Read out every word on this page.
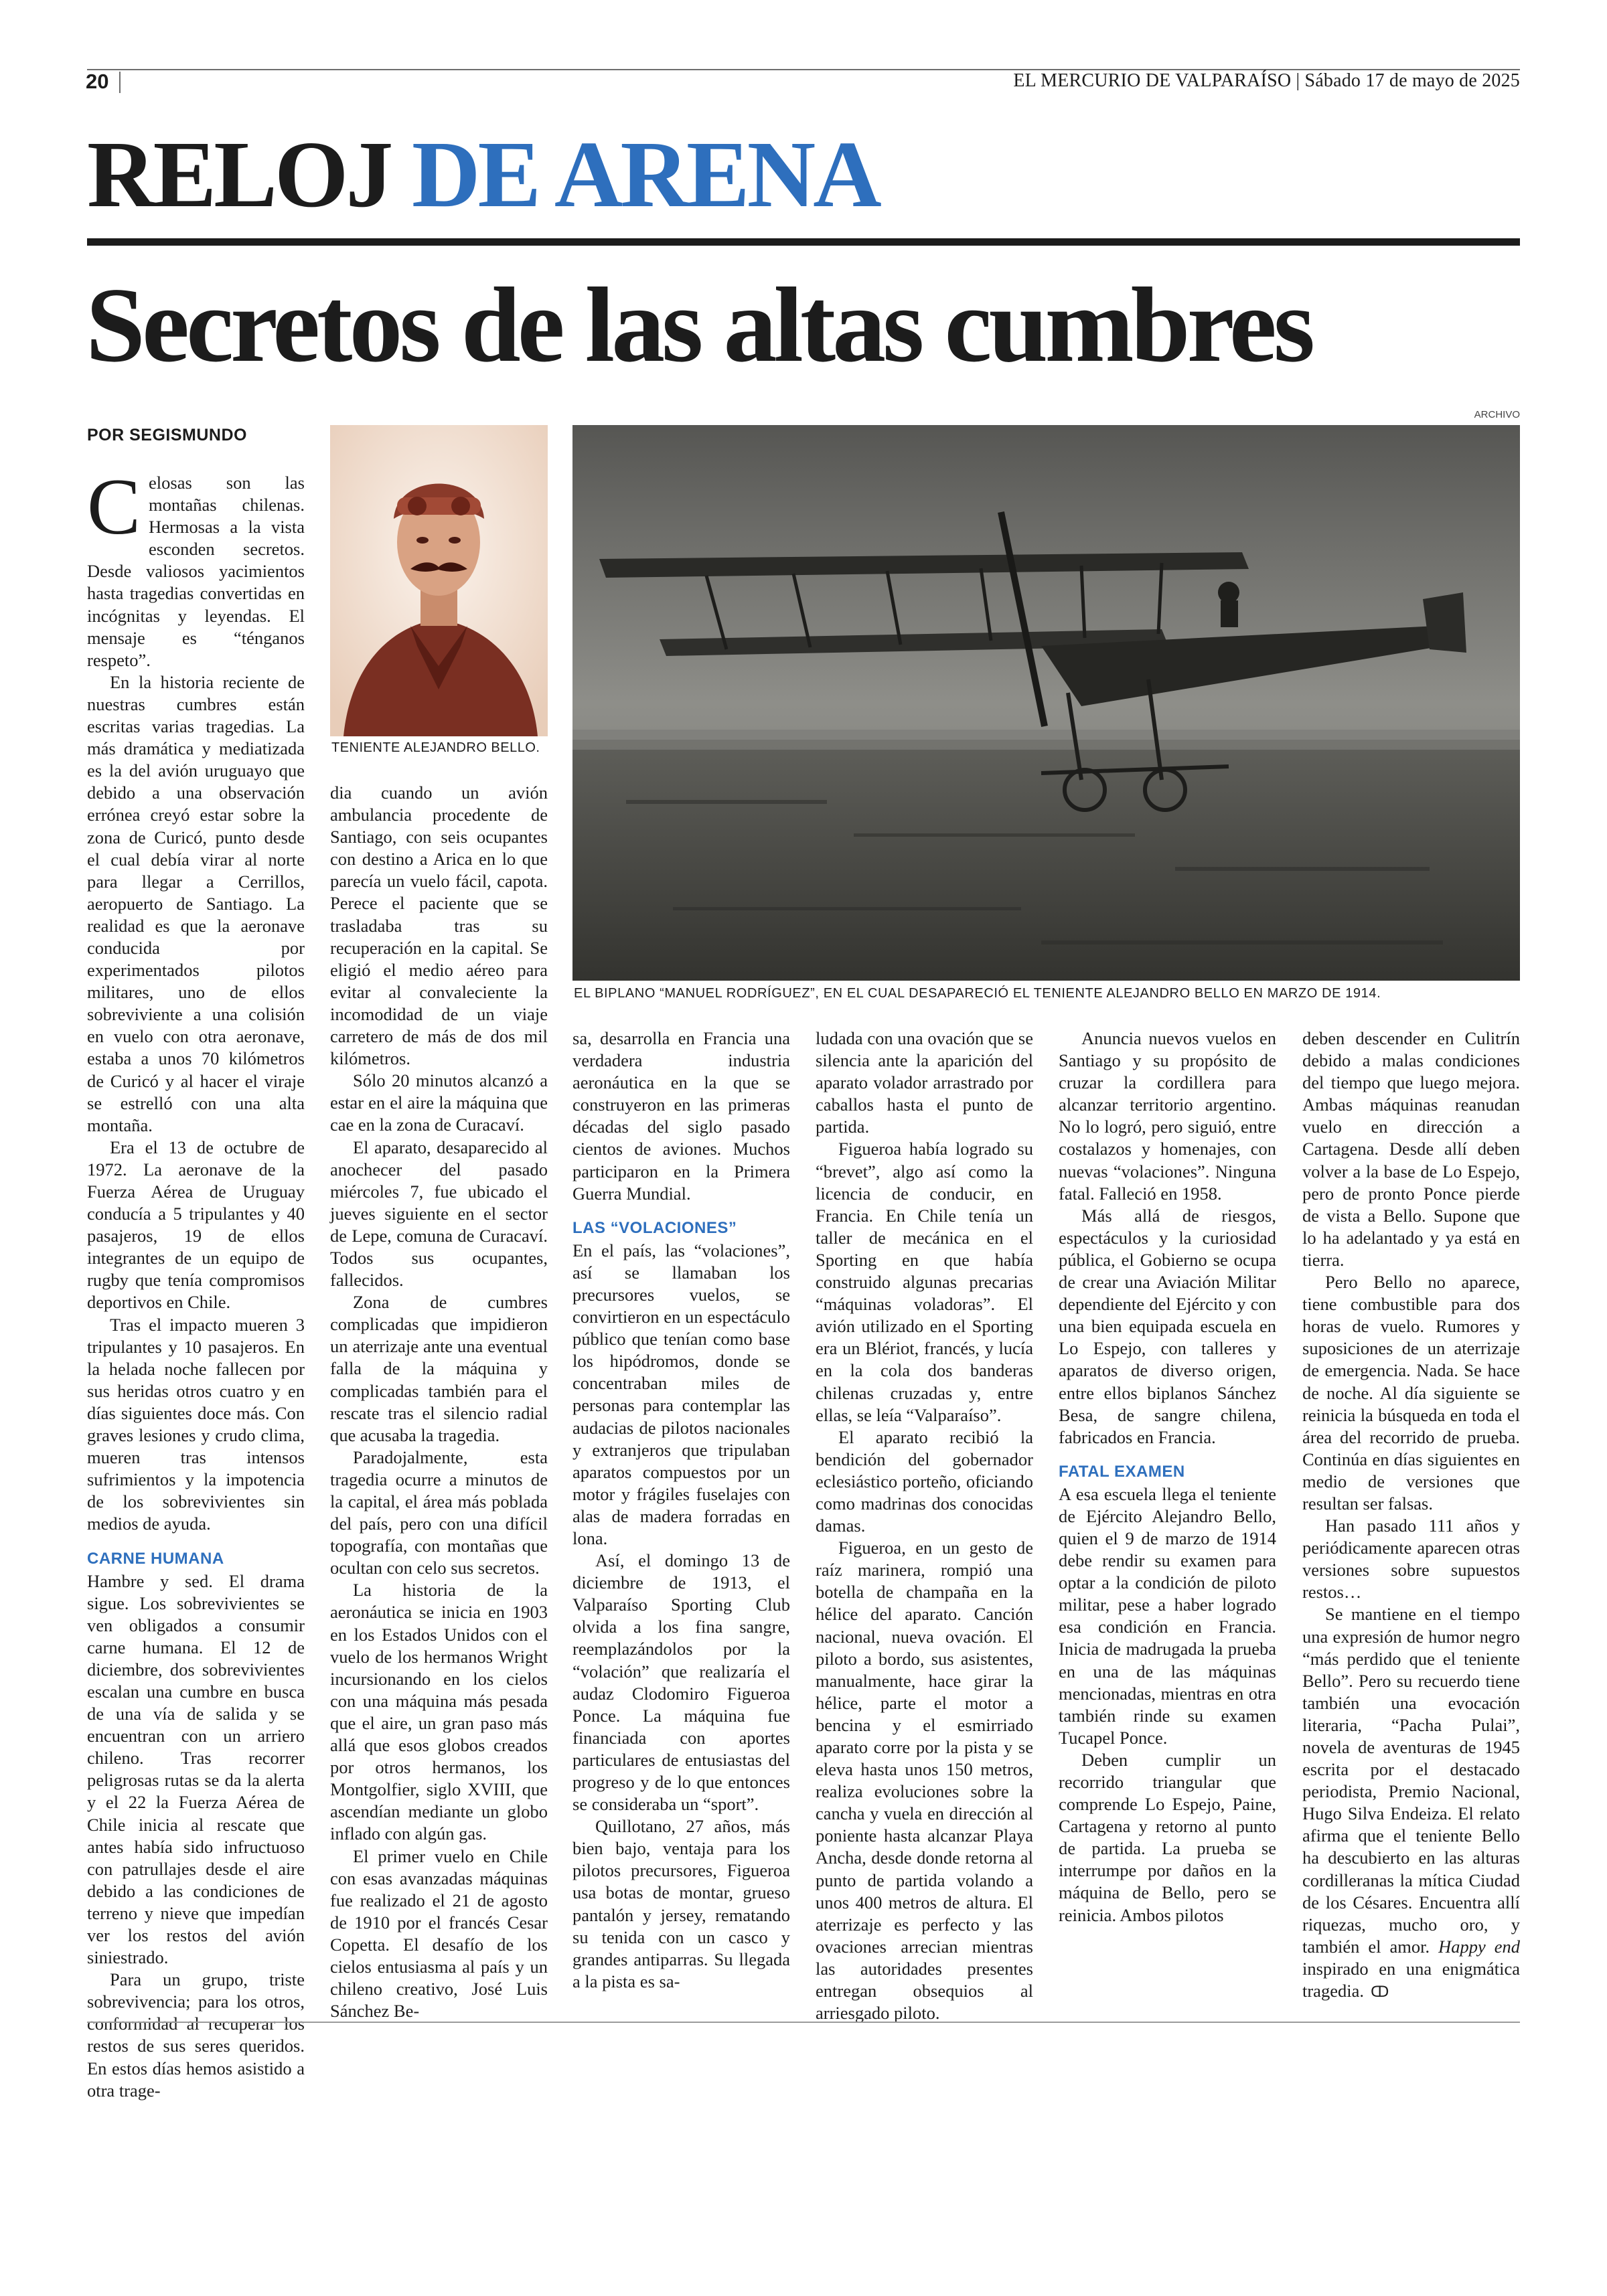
20	EL MERCURIO DE VALPARAÍSO | Sábado 17 de mayo de 2025
RELOJ DE ARENA
Secretos de las altas cumbres
ARCHIVO
POR SEGISMUNDO
TENIENTE ALEJANDRO BELLO.
EL BIPLANO “MANUEL RODRÍGUEZ”, EN EL CUAL DESAPARECIÓ EL TENIENTE ALEJANDRO BELLO EN MARZO DE 1914.

Celosas son las montañas chilenas. Hermosas a la vista esconden secretos. Desde valiosos yacimientos hasta tragedias convertidas en incógnitas y leyendas. El mensaje es “ténganos respeto”.

En la historia reciente de nuestras cumbres están escritas varias tragedias. La más dramática y mediatizada es la del avión uruguayo que debido a una observación errónea creyó estar sobre la zona de Curicó, punto desde el cual debía virar al norte para llegar a Cerrillos, aeropuerto de Santiago. La realidad es que la aeronave conducida por experimentados pilotos militares, uno de ellos sobreviviente a una colisión en vuelo con otra aeronave, estaba a unos 70 kilómetros de Curicó y al hacer el viraje se estrelló con una alta montaña.

Era el 13 de octubre de 1972. La aeronave de la Fuerza Aérea de Uruguay conducía a 5 tripulantes y 40 pasajeros, 19 de ellos integrantes de un equipo de rugby que tenía compromisos deportivos en Chile.

Tras el impacto mueren 3 tripulantes y 10 pasajeros. En la helada noche fallecen por sus heridas otros cuatro y en días siguientes doce más. Con graves lesiones y crudo clima, mueren tras intensos sufrimientos y la impotencia de los sobrevivientes sin medios de ayuda.

CARNE HUMANA

Hambre y sed. El drama sigue. Los sobrevivientes se ven obligados a consumir carne humana. El 12 de diciembre, dos sobrevivientes escalan una cumbre en busca de una vía de salida y se encuentran con un arriero chileno. Tras recorrer peligrosas rutas se da la alerta y el 22 la Fuerza Aérea de Chile inicia al rescate que antes había sido infructuoso con patrullajes desde el aire debido a las condiciones de terreno y nieve que impedían ver los restos del avión siniestrado.

Para un grupo, triste sobrevivencia; para los otros, conformidad al recuperar los restos de sus seres queridos. En estos días hemos asistido a otra trage-

dia cuando un avión ambulancia procedente de Santiago, con seis ocupantes con destino a Arica en lo que parecía un vuelo fácil, capota. Perece el paciente que se trasladaba tras su recuperación en la capital. Se eligió el medio aéreo para evitar al convaleciente la incomodidad de un viaje carretero de más de dos mil kilómetros.

Sólo 20 minutos alcanzó a estar en el aire la máquina que cae en la zona de Curacaví.

El aparato, desaparecido al anochecer del pasado miércoles 7, fue ubicado el jueves siguiente en el sector de Lepe, comuna de Curacaví. Todos sus ocupantes, fallecidos.

Zona de cumbres complicadas que impidieron un aterrizaje ante una eventual falla de la máquina y complicadas también para el rescate tras el silencio radial que acusaba la tragedia.

Paradojalmente, esta tragedia ocurre a minutos de la capital, el área más poblada del país, pero con una difícil topografía, con montañas que ocultan con celo sus secretos.

La historia de la aeronáutica se inicia en 1903 en los Estados Unidos con el vuelo de los hermanos Wright incursionando en los cielos con una máquina más pesada que el aire, un gran paso más allá que esos globos creados por otros hermanos, los Montgolfier, siglo XVIII, que ascendían mediante un globo inflado con algún gas.

El primer vuelo en Chile con esas avanzadas máquinas fue realizado el 21 de agosto de 1910 por el francés Cesar Copetta. El desafío de los cielos entusiasma al país y un chileno creativo, José Luis Sánchez Be-

sa, desarrolla en Francia una verdadera industria aeronáutica en la que se construyeron en las primeras décadas del siglo pasado cientos de aviones. Muchos participaron en la Primera Guerra Mundial.

LAS “VOLACIONES”

En el país, las “volaciones”, así se llamaban los precursores vuelos, se convirtieron en un espectáculo público que tenían como base los hipódromos, donde se concentraban miles de personas para contemplar las audacias de pilotos nacionales y extranjeros que tripulaban aparatos compuestos por un motor y frágiles fuselajes con alas de madera forradas en lona.

Así, el domingo 13 de diciembre de 1913, el Valparaíso Sporting Club olvida a los fina sangre, reemplazándolos por la “volación” que realizaría el audaz Clodomiro Figueroa Ponce. La máquina fue financiada con aportes particulares de entusiastas del progreso y de lo que entonces se consideraba un “sport”.

Quillotano, 27 años, más bien bajo, ventaja para los pilotos precursores, Figueroa usa botas de montar, grueso pantalón y jersey, rematando su tenida con un casco y grandes antiparras. Su llegada a la pista es sa-

ludada con una ovación que se silencia ante la aparición del aparato volador arrastrado por caballos hasta el punto de partida.

Figueroa había logrado su “brevet”, algo así como la licencia de conducir, en Francia. En Chile tenía un taller de mecánica en el Sporting en que había construido algunas precarias “máquinas voladoras”. El avión utilizado en el Sporting era un Blériot, francés, y lucía en la cola dos banderas chilenas cruzadas y, entre ellas, se leía “Valparaíso”.

El aparato recibió la bendición del gobernador eclesiástico porteño, oficiando como madrinas dos conocidas damas.

Figueroa, en un gesto de raíz marinera, rompió una botella de champaña en la hélice del aparato. Canción nacional, nueva ovación. El piloto a bordo, sus asistentes, manualmente, hace girar la hélice, parte el motor a bencina y el esmirriado aparato corre por la pista y se eleva hasta unos 150 metros, realiza evoluciones sobre la cancha y vuela en dirección al poniente hasta alcanzar Playa Ancha, desde donde retorna al punto de partida volando a unos 400 metros de altura. El aterrizaje es perfecto y las ovaciones arrecian mientras las autoridades presentes entregan obsequios al arriesgado piloto.

Anuncia nuevos vuelos en Santiago y su propósito de cruzar la cordillera para alcanzar territorio argentino. No lo logró, pero siguió, entre costalazos y homenajes, con nuevas “volaciones”. Ninguna fatal. Falleció en 1958.

Más allá de riesgos, espectáculos y la curiosidad pública, el Gobierno se ocupa de crear una Aviación Militar dependiente del Ejército y con una bien equipada escuela en Lo Espejo, con talleres y aparatos de diverso origen, entre ellos biplanos Sánchez Besa, de sangre chilena, fabricados en Francia.

FATAL EXAMEN

A esa escuela llega el teniente de Ejército Alejandro Bello, quien el 9 de marzo de 1914 debe rendir su examen para optar a la condición de piloto militar, pese a haber logrado esa condición en Francia. Inicia de madrugada la prueba en una de las máquinas mencionadas, mientras en otra también rinde su examen Tucapel Ponce.

Deben cumplir un recorrido triangular que comprende Lo Espejo, Paine, Cartagena y retorno al punto de partida. La prueba se interrumpe por daños en la máquina de Bello, pero se reinicia. Ambos pilotos

deben descender en Culitrín debido a malas condiciones del tiempo que luego mejora. Ambas máquinas reanudan vuelo en dirección a Cartagena. Desde allí deben volver a la base de Lo Espejo, pero de pronto Ponce pierde de vista a Bello. Supone que lo ha adelantado y ya está en tierra.

Pero Bello no aparece, tiene combustible para dos horas de vuelo. Rumores y suposiciones de un aterrizaje de emergencia. Nada. Se hace de noche. Al día siguiente se reinicia la búsqueda en toda el área del recorrido de prueba. Continúa en días siguientes en medio de versiones que resultan ser falsas.

Han pasado 111 años y periódicamente aparecen otras versiones sobre supuestos restos…

Se mantiene en el tiempo una expresión de humor negro “más perdido que el teniente Bello”. Pero su recuerdo tiene también una evocación literaria, “Pacha Pulai”, novela de aventuras de 1945 escrita por el destacado periodista, Premio Nacional, Hugo Silva Endeiza. El relato afirma que el teniente Bello ha descubierto en las alturas cordilleranas la mítica Ciudad de los Césares. Encuentra allí riquezas, mucho oro, y también el amor. Happy end inspirado en una enigmática tragedia. ↀ
